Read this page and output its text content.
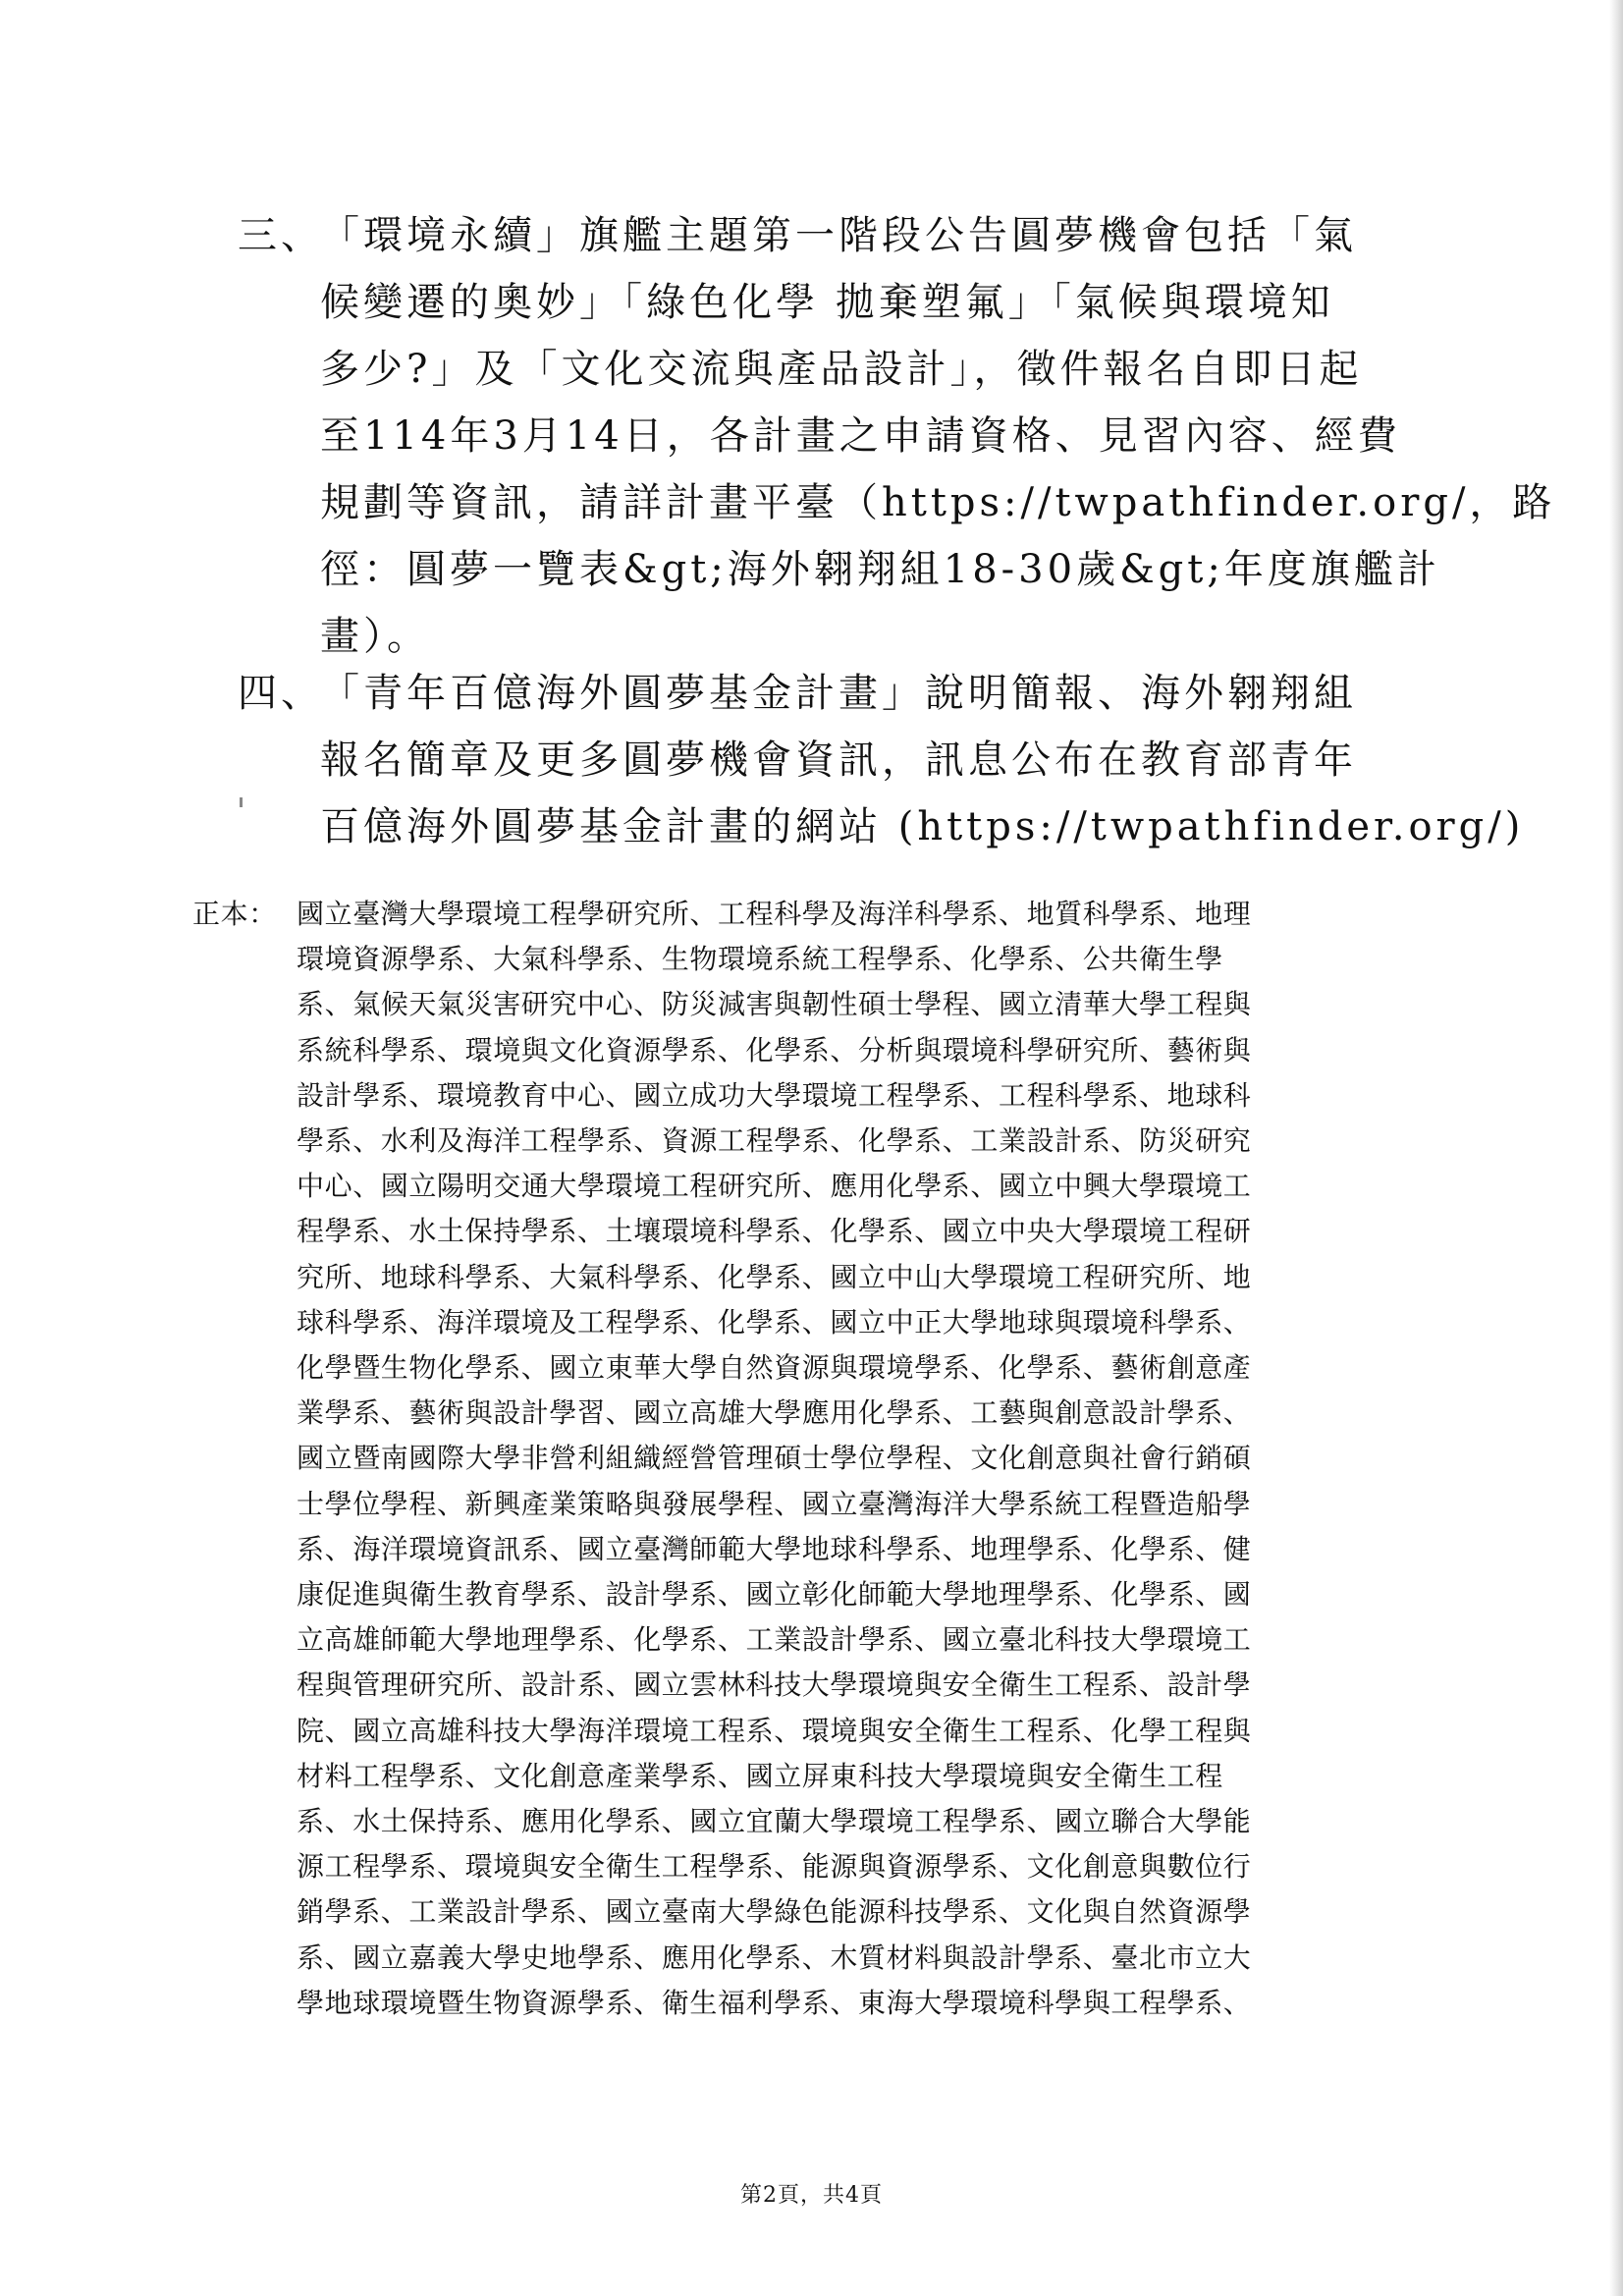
三、
「環境永續」旗艦主題第一階段公告圓夢機會包括「氣
候變遷的奧妙」「綠色化學 拋棄塑氟」「氣候與環境知
多少?」及「文化交流與產品設計」，徵件報名自即日起
至114年3月14日，各計畫之申請資格、見習內容、經費
規劃等資訊，請詳計畫平臺（https://twpathfinder.org/，路
徑：圓夢一覽表&gt;海外翱翔組18-30歲&gt;年度旗艦計
畫）。
四、
「青年百億海外圓夢基金計畫」說明簡報、海外翱翔組
報名簡章及更多圓夢機會資訊，訊息公布在教育部青年
百億海外圓夢基金計畫的網站 (https://twpathfinder.org/)
正本： 國立臺灣大學環境工程學研究所、工程科學及海洋科學系、地質科學系、地理
環境資源學系、大氣科學系、生物環境系統工程學系、化學系、公共衛生學
系、氣候天氣災害研究中心、防災減害與韌性碩士學程、國立清華大學工程與
系統科學系、環境與文化資源學系、化學系、分析與環境科學研究所、藝術與
設計學系、環境教育中心、國立成功大學環境工程學系、工程科學系、地球科
學系、水利及海洋工程學系、資源工程學系、化學系、工業設計系、防災研究
中心、國立陽明交通大學環境工程研究所、應用化學系、國立中興大學環境工
程學系、水土保持學系、土壤環境科學系、化學系、國立中央大學環境工程研
究所、地球科學系、大氣科學系、化學系、國立中山大學環境工程研究所、地
球科學系、海洋環境及工程學系、化學系、國立中正大學地球與環境科學系、
化學暨生物化學系、國立東華大學自然資源與環境學系、化學系、藝術創意產
業學系、藝術與設計學習、國立高雄大學應用化學系、工藝與創意設計學系、
國立暨南國際大學非營利組織經營管理碩士學位學程、文化創意與社會行銷碩
士學位學程、新興產業策略與發展學程、國立臺灣海洋大學系統工程暨造船學
系、海洋環境資訊系、國立臺灣師範大學地球科學系、地理學系、化學系、健
康促進與衛生教育學系、設計學系、國立彰化師範大學地理學系、化學系、國
立高雄師範大學地理學系、化學系、工業設計學系、國立臺北科技大學環境工
程與管理研究所、設計系、國立雲林科技大學環境與安全衛生工程系、設計學
院、國立高雄科技大學海洋環境工程系、環境與安全衛生工程系、化學工程與
材料工程學系、文化創意產業學系、國立屏東科技大學環境與安全衛生工程
系、水土保持系、應用化學系、國立宜蘭大學環境工程學系、國立聯合大學能
源工程學系、環境與安全衛生工程學系、能源與資源學系、文化創意與數位行
銷學系、工業設計學系、國立臺南大學綠色能源科技學系、文化與自然資源學
系、國立嘉義大學史地學系、應用化學系、木質材料與設計學系、臺北市立大
學地球環境暨生物資源學系、衛生福利學系、東海大學環境科學與工程學系、
第2頁，共4頁
